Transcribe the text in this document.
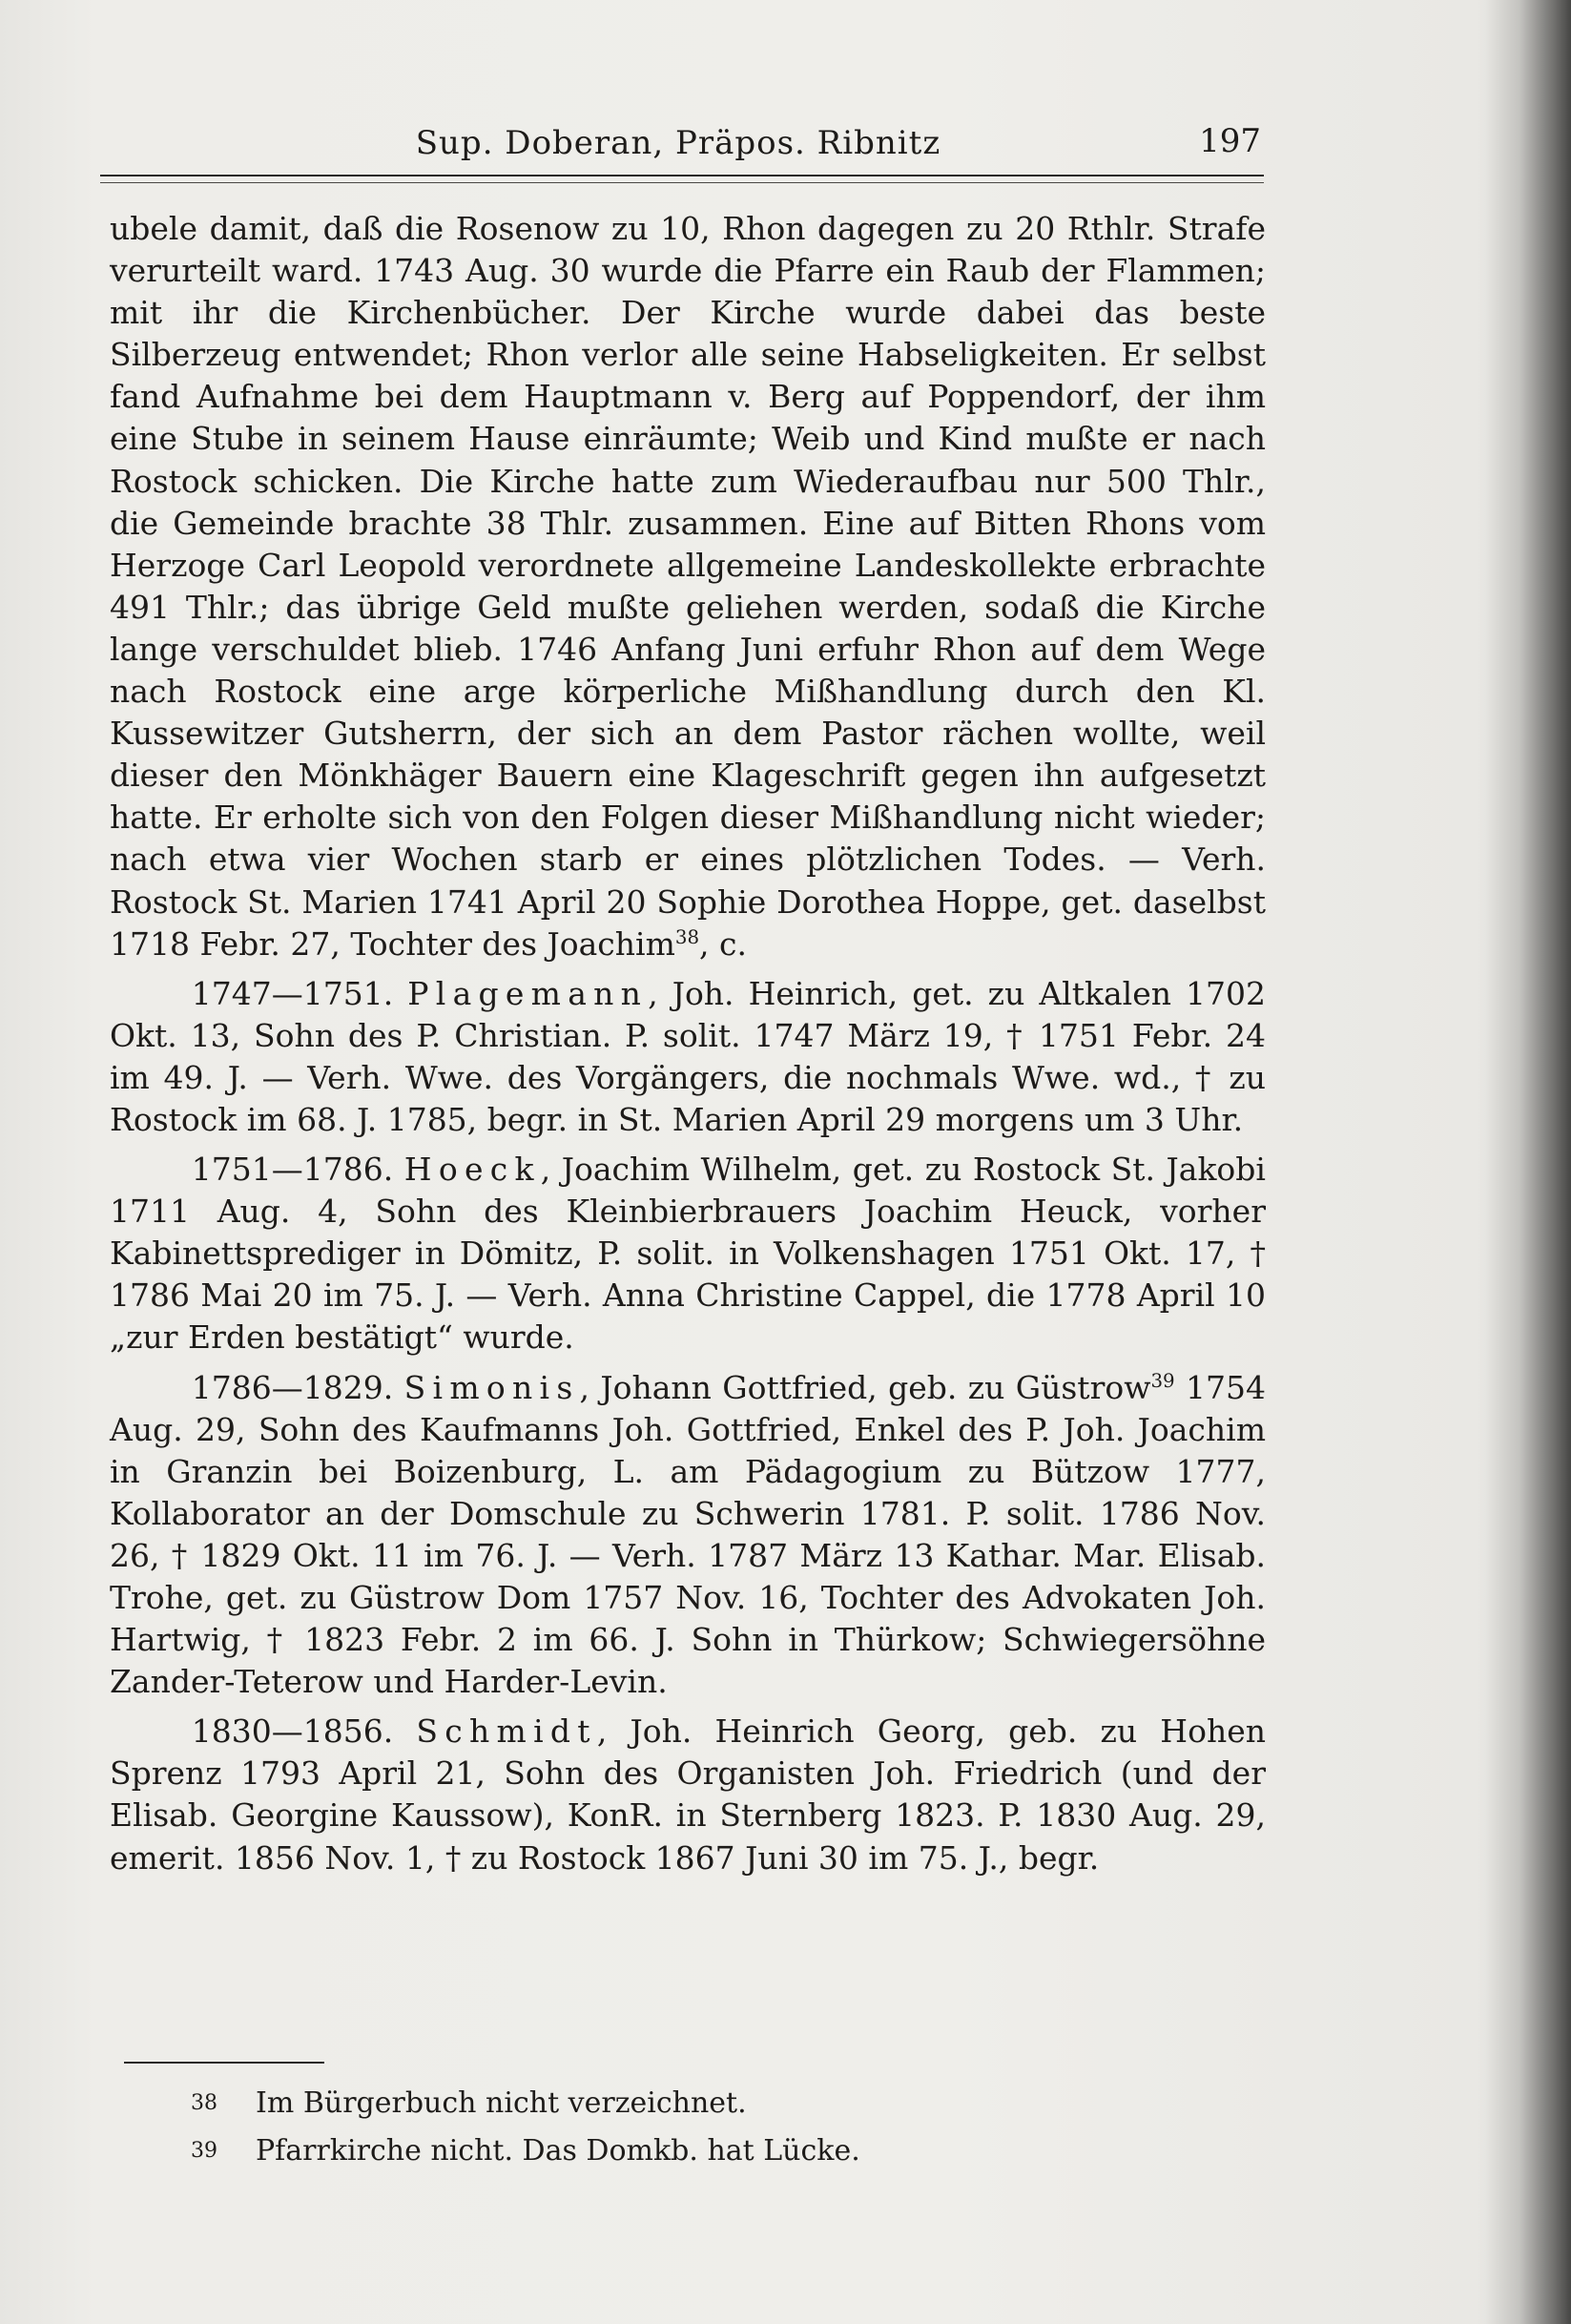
Sup. Doberan, Präpos. Ribnitz	197

ubele damit, daß die Rosenow zu 10, Rhon dagegen zu 20 Rthlr. Strafe verurteilt ward. 1743 Aug. 30 wurde die Pfarre ein Raub der Flammen; mit ihr die Kirchenbücher. Der Kirche wurde dabei das beste Silberzeug entwendet; Rhon verlor alle seine Habseligkeiten. Er selbst fand Aufnahme bei dem Hauptmann v. Berg auf Poppendorf, der ihm eine Stube in seinem Hause einräumte; Weib und Kind mußte er nach Rostock schicken. Die Kirche hatte zum Wiederaufbau nur 500 Thlr., die Gemeinde brachte 38 Thlr. zusammen. Eine auf Bitten Rhons vom Herzoge Carl Leopold verordnete allgemeine Landeskollekte erbrachte 491 Thlr.; das übrige Geld mußte geliehen werden, sodaß die Kirche lange verschuldet blieb. 1746 Anfang Juni erfuhr Rhon auf dem Wege nach Rostock eine arge körperliche Mißhandlung durch den Kl. Kussewitzer Gutsherrn, der sich an dem Pastor rächen wollte, weil dieser den Mönkhäger Bauern eine Klageschrift gegen ihn aufgesetzt hatte. Er erholte sich von den Folgen dieser Mißhandlung nicht wieder; nach etwa vier Wochen starb er eines plötzlichen Todes. — Verh. Rostock St. Marien 1741 April 20 Sophie Dorothea Hoppe, get. daselbst 1718 Febr. 27, Tochter des Joachim$^{38}$, c.

1747—1751. Plagemann, Joh. Heinrich, get. zu Altkalen 1702 Okt. 13, Sohn des P. Christian. P. solit. 1747 März 19, † 1751 Febr. 24 im 49. J. — Verh. Wwe. des Vorgängers, die nochmals Wwe. wd., † zu Rostock im 68. J. 1785, begr. in St. Marien April 29 morgens um 3 Uhr.

1751—1786. Hoeck, Joachim Wilhelm, get. zu Rostock St. Jakobi 1711 Aug. 4, Sohn des Kleinbierbrauers Joachim Heuck, vorher Kabinettsprediger in Dömitz, P. solit. in Volkenshagen 1751 Okt. 17, † 1786 Mai 20 im 75. J. — Verh. Anna Christine Cappel, die 1778 April 10 „zur Erden bestätigt“ wurde.

1786—1829. Simonis, Johann Gottfried, geb. zu Güstrow$^{39}$ 1754 Aug. 29, Sohn des Kaufmanns Joh. Gottfried, Enkel des P. Joh. Joachim in Granzin bei Boizenburg, L. am Pädagogium zu Bützow 1777, Kollaborator an der Domschule zu Schwerin 1781. P. solit. 1786 Nov. 26, † 1829 Okt. 11 im 76. J. — Verh. 1787 März 13 Kathar. Mar. Elisab. Trohe, get. zu Güstrow Dom 1757 Nov. 16, Tochter des Advokaten Joh. Hartwig, † 1823 Febr. 2 im 66. J. Sohn in Thürkow; Schwiegersöhne Zander-Teterow und Harder-Levin.

1830—1856. Schmidt, Joh. Heinrich Georg, geb. zu Hohen Sprenz 1793 April 21, Sohn des Organisten Joh. Friedrich (und der Elisab. Georgine Kaussow), KonR. in Sternberg 1823. P. 1830 Aug. 29, emerit. 1856 Nov. 1, † zu Rostock 1867 Juni 30 im 75. J., begr.

38 Im Bürgerbuch nicht verzeichnet.
39 Pfarrkirche nicht. Das Domkb. hat Lücke.
